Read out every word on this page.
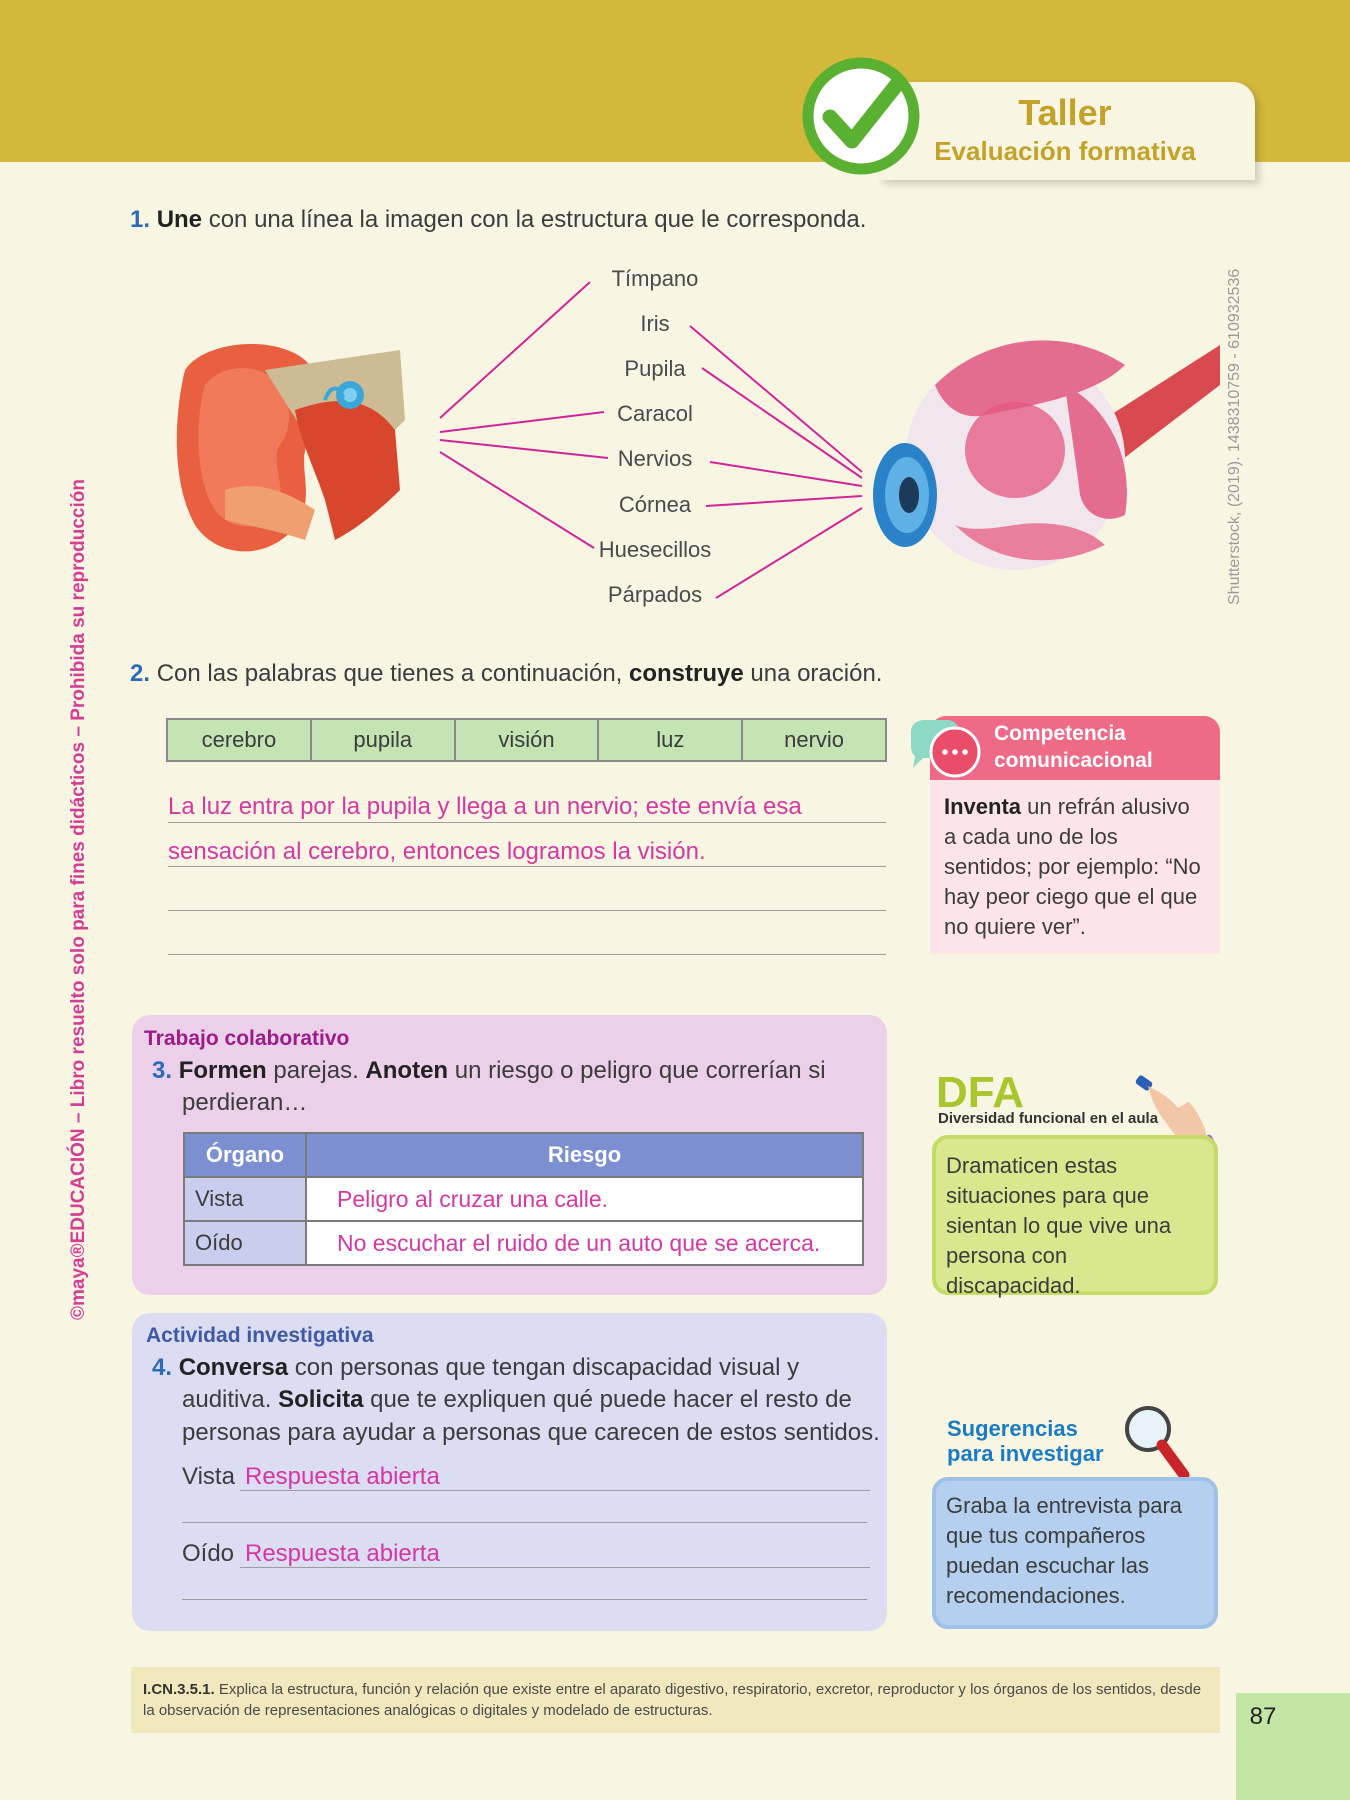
Taller
Evaluación formativa
©maya®EDUCACIÓN – Libro resuelto solo para fines didácticos – Prohibida su reproducción
Shutterstock, (2019). 1438310759 - 610932536
1. Une con una línea la imagen con la estructura que le corresponda.
Tímpano
Iris
Pupila
Caracol
Nervios
Córnea
Huesecillos
Párpados
2. Con las palabras que tienes a continuación, construye una oración.
cerebro	pupila	visión	luz	nervio
La luz entra por la pupila y llega a un nervio; este envía esa
sensación al cerebro, entonces logramos la visión.
Competencia
comunicacional
Inventa un refrán alusivo a cada uno de los sentidos; por ejemplo: “No hay peor ciego que el que no quiere ver”.
Trabajo colaborativo
3. Formen parejas. Anoten un riesgo o peligro que correrían si perdieran…
Órgano	Riesgo
Vista	Peligro al cruzar una calle.
Oído	No escuchar el ruido de un auto que se acerca.
Actividad investigativa
4. Conversa con personas que tengan discapacidad visual y auditiva. Solicita que te expliquen qué puede hacer el resto de personas para ayudar a personas que carecen de estos sentidos.
Vista Respuesta abierta
Oído Respuesta abierta
DFA
Diversidad funcional en el aula
Dramaticen estas situaciones para que sientan lo que vive una persona con discapacidad.
Sugerencias
para investigar
Graba la entrevista para que tus compañeros puedan escuchar las recomendaciones.
I.CN.3.5.1. Explica la estructura, función y relación que existe entre el aparato digestivo, respiratorio, excretor, reproductor y los órganos de los sentidos, desde la observación de representaciones analógicas o digitales y modelado de estructuras.	87
